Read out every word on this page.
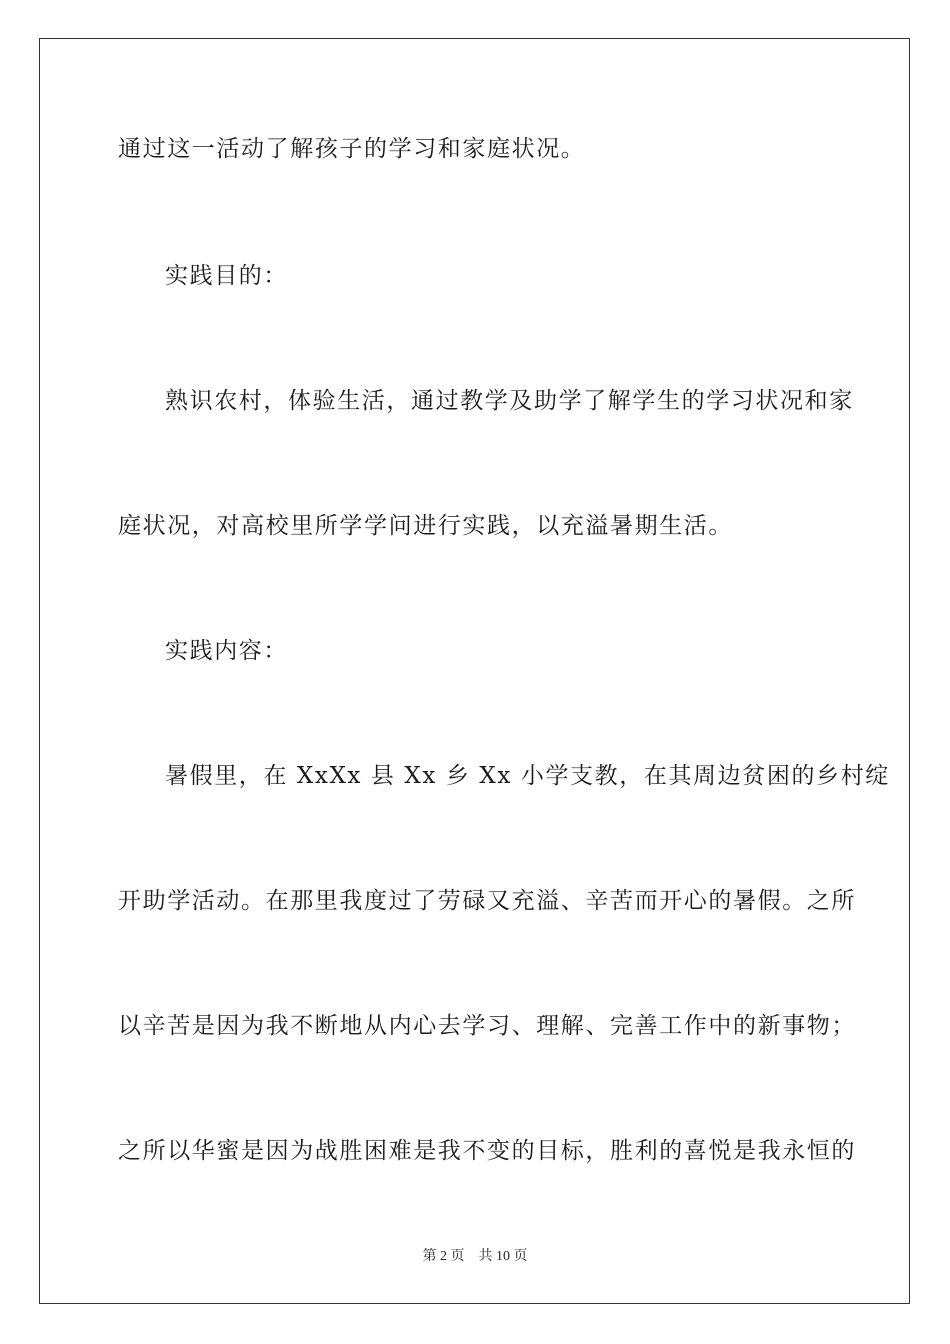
通过这一活动了解孩子的学习和家庭状况。
实践目的：
熟识农村，体验生活，通过教学及助学了解学生的学习状况和家
庭状况，对高校里所学学问进行实践，以充溢暑期生活。
实践内容：
暑假里，在 XxXx 县 Xx 乡 Xx 小学支教，在其周边贫困的乡村绽
开助学活动。在那里我度过了劳碌又充溢、辛苦而开心的暑假。之所
以辛苦是因为我不断地从内心去学习、理解、完善工作中的新事物；
之所以华蜜是因为战胜困难是我不变的目标，胜利的喜悦是我永恒的
第 2 页 共 10 页
